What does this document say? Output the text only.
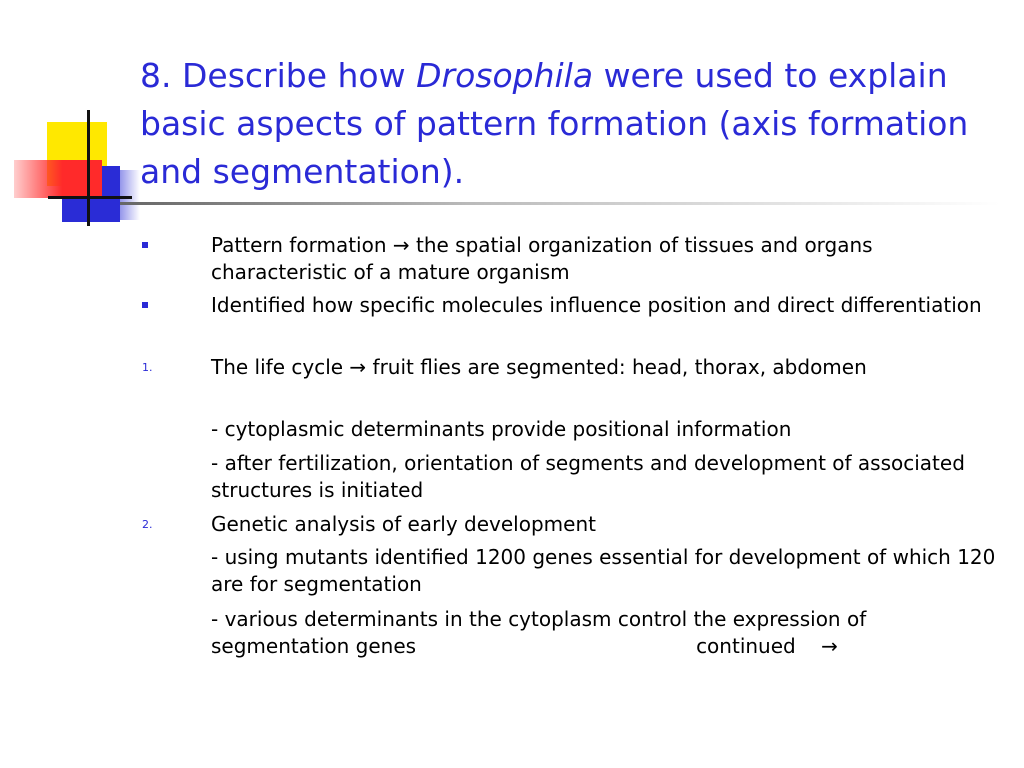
8. Describe how Drosophila were used to explain basic aspects of pattern formation (axis formation and segmentation).
Pattern formation → the spatial organization of tissues and organs characteristic of a mature organism
Identified how specific molecules influence position and direct differentiation
1.	The life cycle → fruit flies are segmented: head, thorax, abdomen
- cytoplasmic determinants provide positional information
- after fertilization, orientation of segments and development of associated structures is initiated
2.	Genetic analysis of early development
- using mutants identified 1200 genes essential for development of which 120 are for segmentation
- various determinants in the cytoplasm control the expression of segmentation genes	continued →
